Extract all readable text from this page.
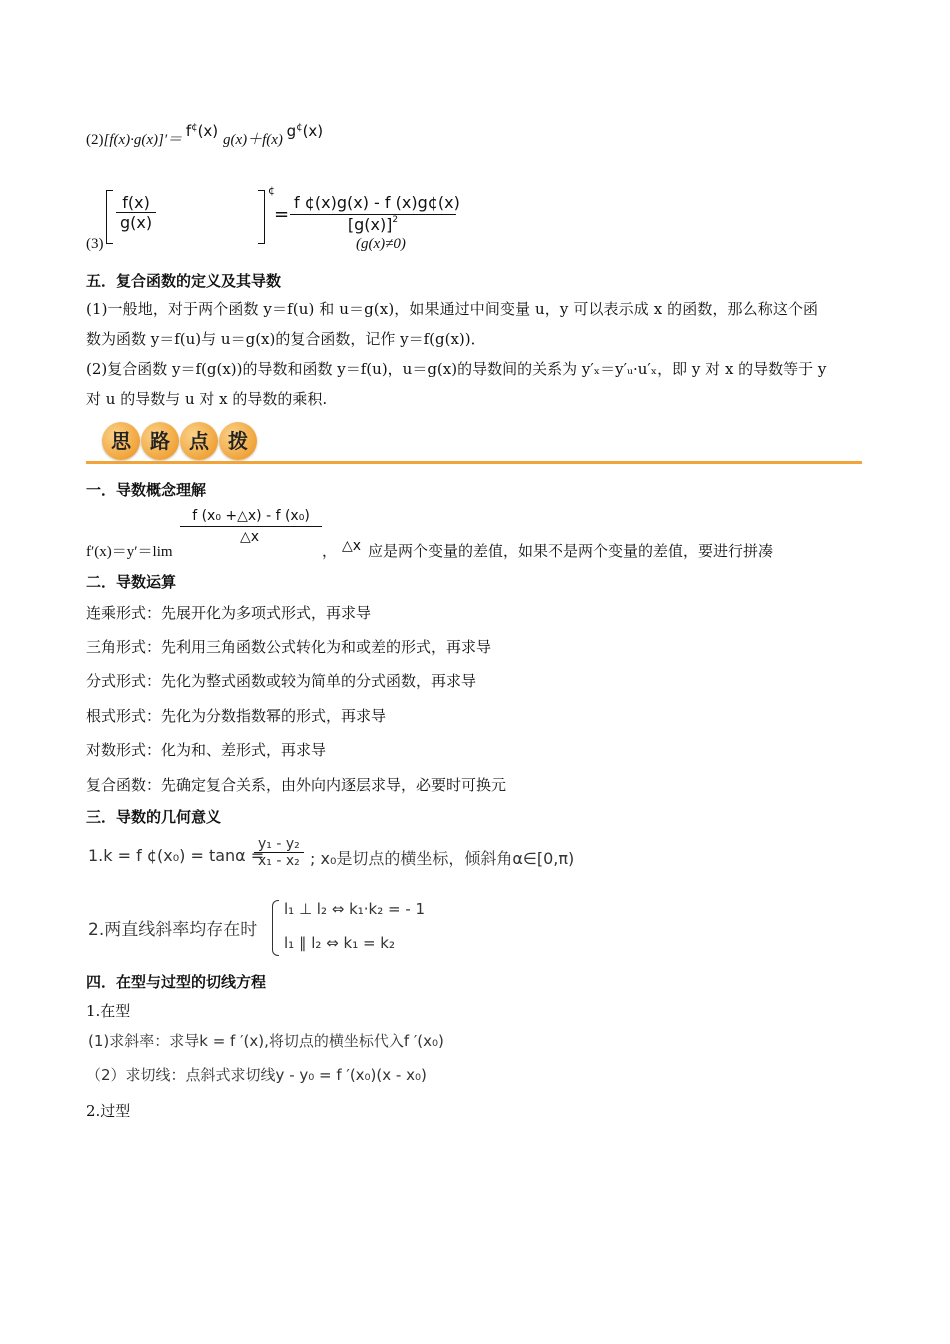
(2)[f(x)·g(x)]′＝ f¢(x) g(x)＋f(x) g¢(x)
(3)
$\frac{f(x)}{g(x)}$
¢
= $\frac{f ¢(x)g(x) - f (x)g¢(x)}{[g(x)]^2}$
(g(x)≠0)
五．复合函数的定义及其导数
(1)一般地，对于两个函数 y＝f(u) 和 u＝g(x)，如果通过中间变量 u，y 可以表示成 x 的函数，那么称这个函
数为函数 y＝f(u)与 u＝g(x)的复合函数，记作 y＝f(g(x))．
(2)复合函数 y＝f(g(x))的导数和函数 y＝f(u)，u＝g(x)的导数间的关系为 y′ₓ＝y′ᵤ·u′ₓ，即 y 对 x 的导数等于 y
对 u 的导数与 u 对 x 的导数的乘积.
思 路 点 拨
一．导数概念理解
f′(x)＝y′＝lim
$\frac{\text{f (x₀ +△x) - f (x₀)}}{\triangle x}$
， △x 应是两个变量的差值，如果不是两个变量的差值，要进行拼凑
二．导数运算
连乘形式：先展开化为多项式形式，再求导
三角形式：先利用三角函数公式转化为和或差的形式，再求导
分式形式：先化为整式函数或较为简单的分式函数，再求导
根式形式：先化为分数指数幂的形式，再求导
对数形式：化为和、差形式，再求导
复合函数：先确定复合关系，由外向内逐层求导，必要时可换元
三．导数的几何意义
1.k = f ¢(x₀) = tanα =
$\frac{\text{y₁ - y₂}}{\text{x₁ - x₂}}$ ; x₀是切点的横坐标，倾斜角α∈[0,π)
2.两直线斜率均存在时
l₁ ⊥ l₂ ⇔ k₁·k₂ = - 1
l₁ ∥ l₂ ⇔ k₁ = k₂
四．在型与过型的切线方程
1.在型
(1)求斜率：求导k = f ′(x),将切点的横坐标代入f ′(x₀)
（2）求切线：点斜式求切线y - y₀ = f ′(x₀)(x - x₀)
2.过型
